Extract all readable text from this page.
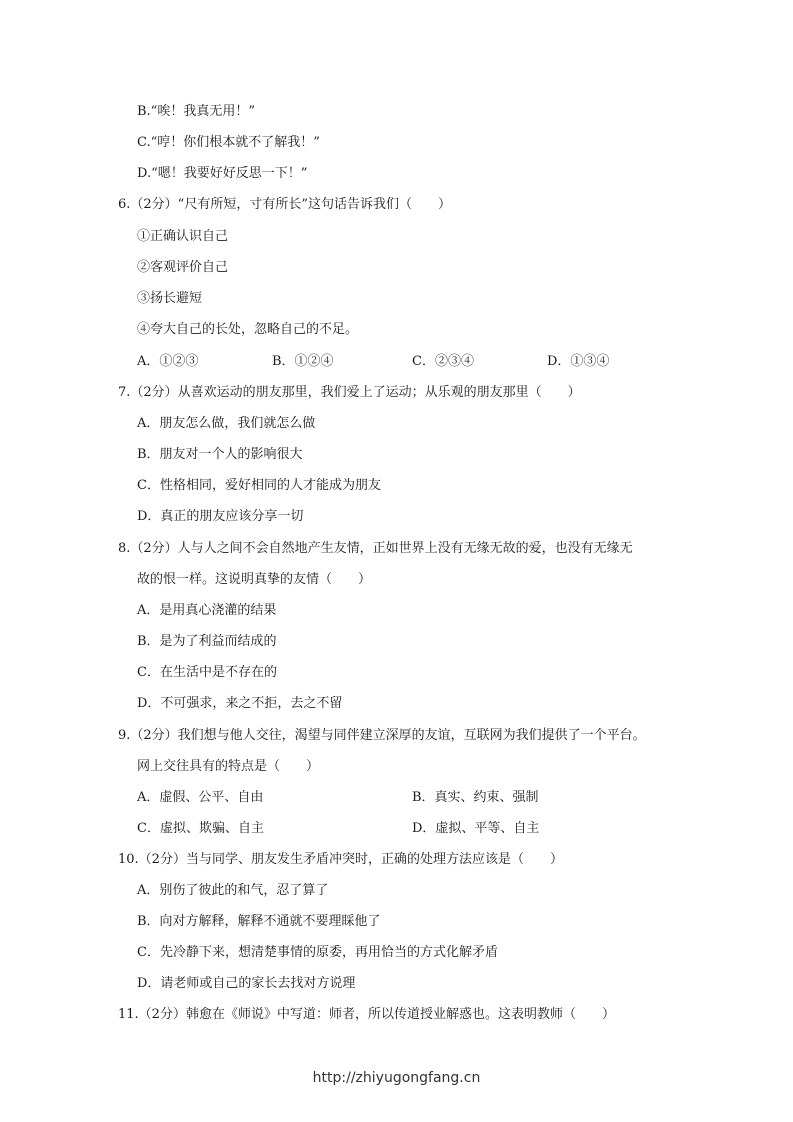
B.“唉！我真无用！”
C.“哼！你们根本就不了解我！”
D.“嗯！我要好好反思一下！”
6.（2分）“尺有所短，寸有所长”这句话告诉我们（　　）
①正确认识自己
②客观评价自己
③扬长避短
④夸大自己的长处，忽略自己的不足。
A．①②③	B．①②④	C．②③④	D．①③④
7.（2分）从喜欢运动的朋友那里，我们爱上了运动；从乐观的朋友那里（　　）
A．朋友怎么做，我们就怎么做
B．朋友对一个人的影响很大
C．性格相同，爱好相同的人才能成为朋友
D．真正的朋友应该分享一切
8.（2分）人与人之间不会自然地产生友情，正如世界上没有无缘无故的爱，也没有无缘无
故的恨一样。这说明真挚的友情（　　）
A．是用真心浇灌的结果
B．是为了利益而结成的
C．在生活中是不存在的
D．不可强求，来之不拒，去之不留
9.（2分）我们想与他人交往，渴望与同伴建立深厚的友谊，互联网为我们提供了一个平台。
网上交往具有的特点是（　　）
A．虚假、公平、自由	B．真实、约束、强制
C．虚拟、欺骗、自主	D．虚拟、平等、自主
10.（2分）当与同学、朋友发生矛盾冲突时，正确的处理方法应该是（　　）
A．别伤了彼此的和气，忍了算了
B．向对方解释，解释不通就不要理睬他了
C．先冷静下来，想清楚事情的原委，再用恰当的方式化解矛盾
D．请老师或自己的家长去找对方说理
11.（2分）韩愈在《师说》中写道：师者，所以传道授业解惑也。这表明教师（　　）
http://zhiyugongfang.cn
